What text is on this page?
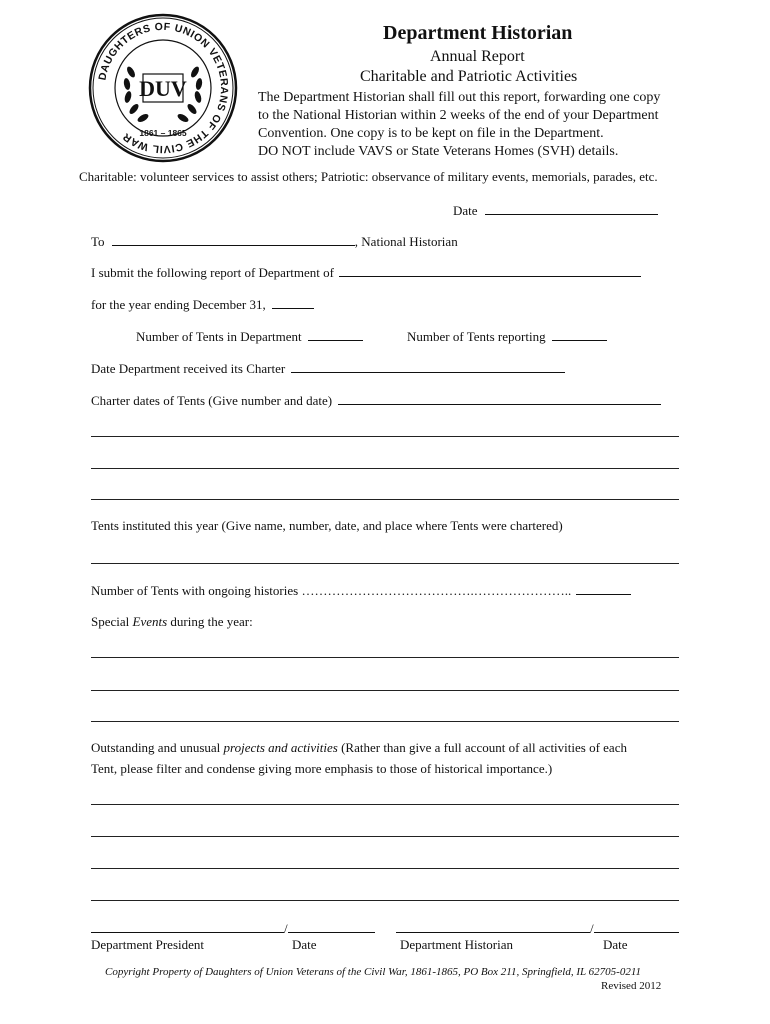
DAUGHTERS OF UNION VETERANS OF THE CIVIL WAR
DUV
1861 – 1865
Department Historian
Annual Report
Charitable and Patriotic Activities
The Department Historian shall fill out this report, forwarding one copy
to the National Historian within 2 weeks of the end of your Department
Convention. One copy is to be kept on file in the Department.
DO NOT include VAVS or State Veterans Homes (SVH) details.
Charitable: volunteer services to assist others; Patriotic: observance of military events, memorials, parades, etc.
Date
To	, National Historian
I submit the following report of Department of
for the year ending December 31,
Number of Tents in Department	Number of Tents reporting
Date Department received its Charter
Charter dates of Tents (Give number and date)
Tents instituted this year (Give name, number, date, and place where Tents were chartered)
Number of Tents with ongoing histories ………………………………….…………………..
Special Events during the year:
Outstanding and unusual projects and activities (Rather than give a full account of all activities of each
Tent, please filter and condense giving more emphasis to those of historical importance.)
/	/
Department President	Date	Department Historian	Date
Copyright Property of Daughters of Union Veterans of the Civil War, 1861-1865, PO Box 211, Springfield, IL 62705-0211
Revised 2012
